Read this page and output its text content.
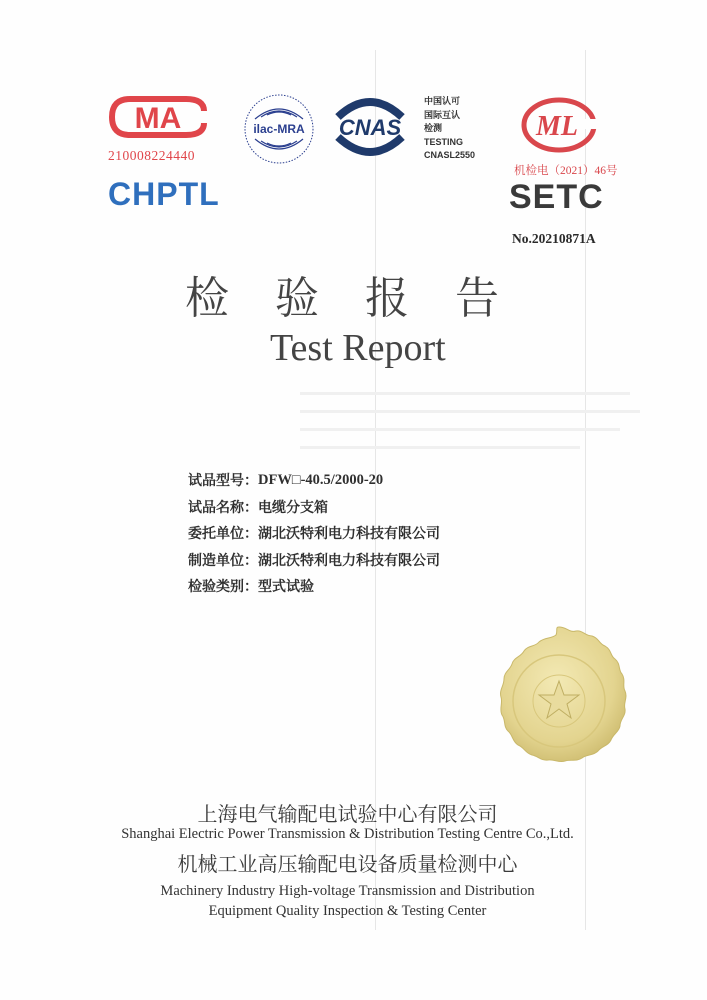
MA
210008224440
CHPTL
ilac-MRA CNAS
中国认可
国际互认
检测
TESTING
CNASL2550
ML
机检电（2021）46号
SETC
No.20210871A
检验报告
Test Report
试品型号： DFW□-40.5/2000-20
试品名称： 电缆分支箱
委托单位： 湖北沃特利电力科技有限公司
制造单位： 湖北沃特利电力科技有限公司
检验类别： 型式试验
上海电气输配电试验中心有限公司
Shanghai Electric Power Transmission & Distribution Testing Centre Co.,Ltd.
机械工业高压输配电设备质量检测中心
Machinery Industry High-voltage Transmission and Distribution
Equipment Quality Inspection & Testing Center
